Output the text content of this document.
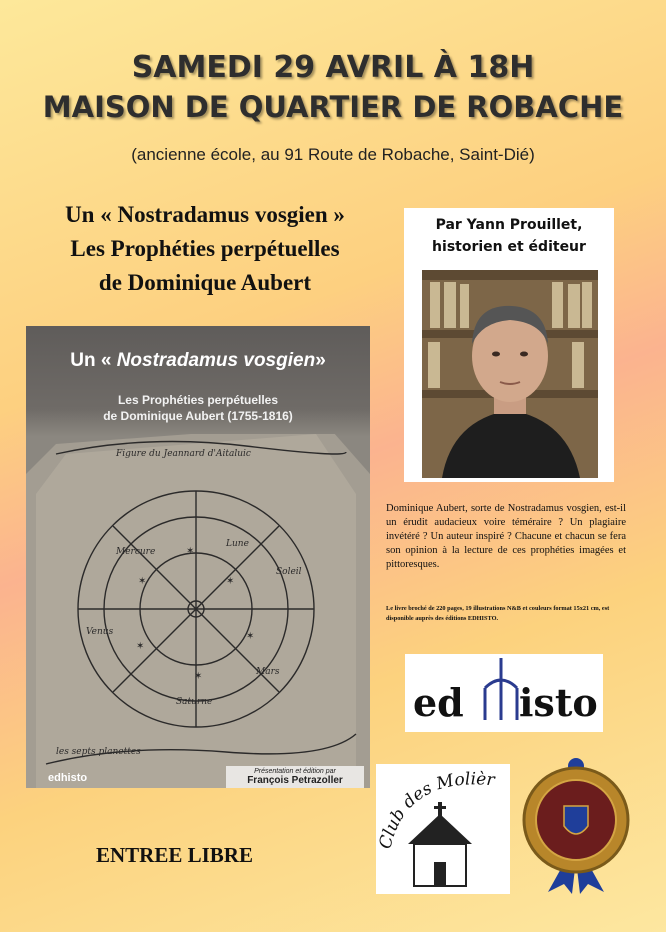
SAMEDI 29 AVRIL À 18H
MAISON DE QUARTIER DE ROBACHE
(ancienne école, au 91 Route de Robache, Saint-Dié)
Un « Nostradamus vosgien »
Les Prophéties perpétuelles
de Dominique Aubert
Figure du Jeannard d'Aitaluic
Lune
Soleil
Mercure
Venus
Mars
Saturne
les septs planettes
✶	✶
✶
✶
✶
✶
Un « Nostradamus vosgien»
Les Prophéties perpétuelles
de Dominique Aubert (1755-1816)
edhisto
Présentation et édition par
François Petrazoller
ENTREE LIBRE
Par Yann Prouillet,
historien et éditeur
Dominique Aubert, sorte de Nostradamus vosgien, est-il un érudit audacieux voire téméraire ? Un plagiaire invétéré ? Un auteur inspiré ? Chacune et chacun se fera son opinion à la lecture de ces prophéties imagées et pittoresques.
Le livre broché de 220 pages, 19 illustrations N&B et couleurs format 15x21 cm, est disponible auprès des éditions EDHISTO.
ed isto
Club des Molièr
